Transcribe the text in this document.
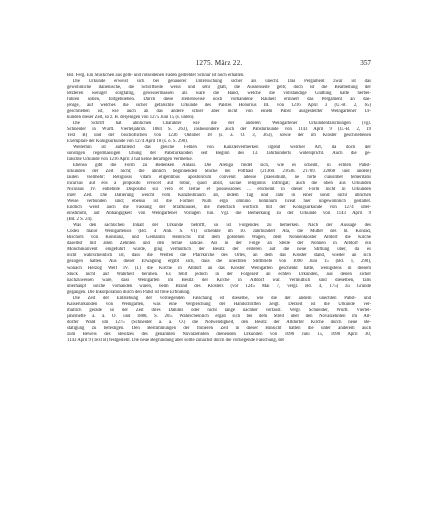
1275. März 22.	357
Bsl. Ferg. Ein Stückchen aus gelb- und rotseidenen Fäden gedrehter Schnur ist noch erhalten.
Die Urkunde erweist sich bei genauerer Untersuchung sicher als unecht. Das Pergament zwar ist das
gewöhnliche italienische, die Schriftseite weiss und sehr glatt, die Aussenseite gelb; doch ist die Bearbeitung der
letzteren weniger sorgfältig, gewissermassen als wäre die Hand, welche die vollständige Glättung hätte herbei-
führen sollen, fortgeblieben. Durch diese stellenweise noch vorhandene Rauheit erinnert das Pergament an das-
jenige, auf welches die sicher gefälschte Urkunde des Palstes Honorius III. von 1216 April 3 (U.-B. 2, 65)
geschrieben ist, wie auch an das andere schier aber nicht von einem Pabst ausgestellter Weingartener Ur-
kunden dieser Zeit, so z. B. derjenigen von 1275 Juni 15 (s. unten).
Die Schrift hat ähnlichen Charakter wie die der anderen Weingartener Urkundenfälschungen (vgl.
Schneider in Württ. Vierteljahrsh. 1884 S. 263), insbesondere auch der Pabsturkunde von 1143 April 9 (U.-B. 2, 19
Text B) und der bischöflichen von 1236 Oktober 18 (s. a. O. 3, 363), sowie der im Kloster geschriebenen
Exemplare der Königsurkunde von 1274 April 18 (s. o. S. 290).
Weiterhin ist auffallend das gleiche Fehlen von Kanzleivermerken irgend welcher Art, da doch der
sonstigen regelmässigen Übung der Pabsturkunden seit Beginn des 13. Jahrhunderts widerspricht. Auch die ge-
fälschte Urkunde von 1216 April 3 hat keine derartigen Vermerke.
Ebenso gibt die Form zu Bedenken Anlass. Die Arenga findet sich, wie es scheint, in echten Pabst-
urkunden der Zeit nicht; die ähnlich beginnenden Stücke bei Potthast (21360. 21636. 21709. 22068 und andere)
lauten vielmehr: Religiosis vitam eligentibus apostolicum convenit adesse praesidium, ne forte cuiuslibet temeritatis
incursus aut eos a proposito revocet aut robur, quod absit, sacrae religionis infringat; auch die oben aus Urkunden
Nicolaus IV. entlehnte Dispositio sui vero et terrae et possessiones ... erscheint in dieser Form nicht in Urkunden
ihrer Zeit. Die Datierung weicht vom Kanzleibrauch ab, indem Tag und Jahr in einer sonst nicht üblichen
Weise verbunden sind; ebenso ist die Formel Nulli ergo omnino hominum liceat hier ungewöhnlich gestaltet.
Endlich weist auch die Fassung der Strafklausel, die mehrfach wörtlich mit der Königsurkunde von 1274 über-
einstimmt, auf Abhängigkeit von Weingartener Vorlagen hin. Vgl. die Bemerkung zu der Urkunde von 1143 April 9
(Bd. 2 S. 24).
Was den sachlichen Inhalt der Urkunde betrifft, so ist Folgendes zu bemerken. Nach der Aussage des
Codex maior Weingartensis (Bd. 4 Anh. S. VI) schenkte im 10. Jahrhundert Ata, die Mutter des hl. Konrad,
Bischofs von Konstanz, und Gemahlin Heinrichs mit dem goldenen Wagen, dem Nonnenkloster Altdorf die Kirche
daselbst mit allen Zehnten und den terrae salicae. Als in der Folge an Stelle der Nonnen in Altdorf ein
Mönchskonvent eingeführt wurde, ging vermutlich der Besitz der ersteren auf die neue Stiftung über, da es
nicht wahrscheinlich ist, dass die Welfen die Pfarrkirche des Ortes, an dem das Kloster stand, wieder an sich
gezogen hätten. Aus dieser Erwägung ergibt sich, dass die unechten Stiftbriefe von 1090 Juni 15 (Bd. 1, 290),
wonach Herzog Welf IV. (I.) die Kirche in Altdorf an das Kloster Weingarten geschenkt hätte, wenigstens in diesem
Stück nicht auf Wahrheit beruhen. Es fehlt jedoch in der Folgezeit an echten Urkunden, aus denen sicher
nachzuweisen wäre, dass Weingarten im Besitz der Kirche in Altdorf war. Vermutlich sind dieselben, falls
überhaupt solche vorhanden waren, beim Brand des Klosters (vor 1245 Mai 7, vergl. Bd. 4, 175) zu Grunde
gegangen. Die Inkorporation durch den Pabst ist freie Erfindung.
Die Zeit der Entstehung der vorliegenden Fälschung ist dieselbe, wie die der andern unechten Pabst- und
Kaiserurkunden von Weingarten, was eine Vergleichung der Handschriften zeigt. Derzeit ist die Urkunde ver-
mutlich gerade so der Zeit ihres Datums oder nicht lange nachher verfasst. Vergl. Schneider, Württ. Viertel-
jahrshefte a. a. O. und 1888, S. 205. Wahrscheinlich ergab sich bei dem Streit über den Novalzehnten im Alt-
dorfer Wald um 1275 (Schneider a. a. O.) die Notwendigkeit, den Besitz der Altdorfer Kirche durch neue Be-
stätigung zu befestigen. Den Bestimmungen der früheren Zeit in dieser Hinsicht hatten die unter anderem auch
zum Beweis des Besitzes des genannten Novalzehnten dienenden Urkunden von 1090 Juni 15, 1090 April 30,
1143 April 9 (Text B) festgestellt. Die neue Begründung aber sollte zunächst durch die vorliegende Fälschung, der
